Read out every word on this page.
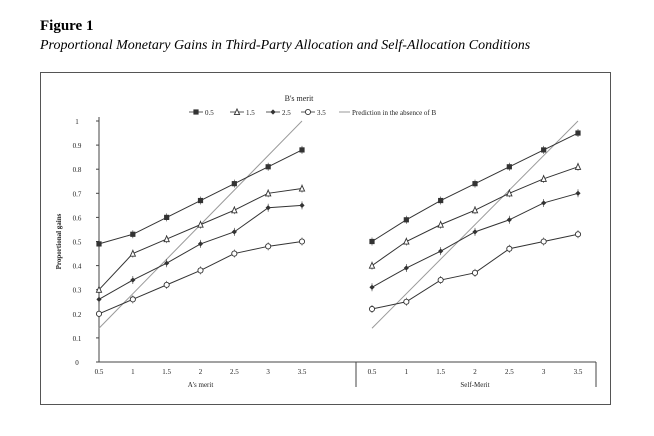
Figure 1
Proportional Monetary Gains in Third-Party Allocation and Self-Allocation Conditions
B's merit
0.5	1.5	2.5	3.5	Prediction in the absence of B
0
0.1
0.2
0.3
0.4
0.5
0.6
0.7
0.8
0.9
1
Proportional gains
0.5	1	1.5	2	2.5	3	3.5
A's merit
0.5	1	1.5	2	2.5	3	3.5
Self-Merit
